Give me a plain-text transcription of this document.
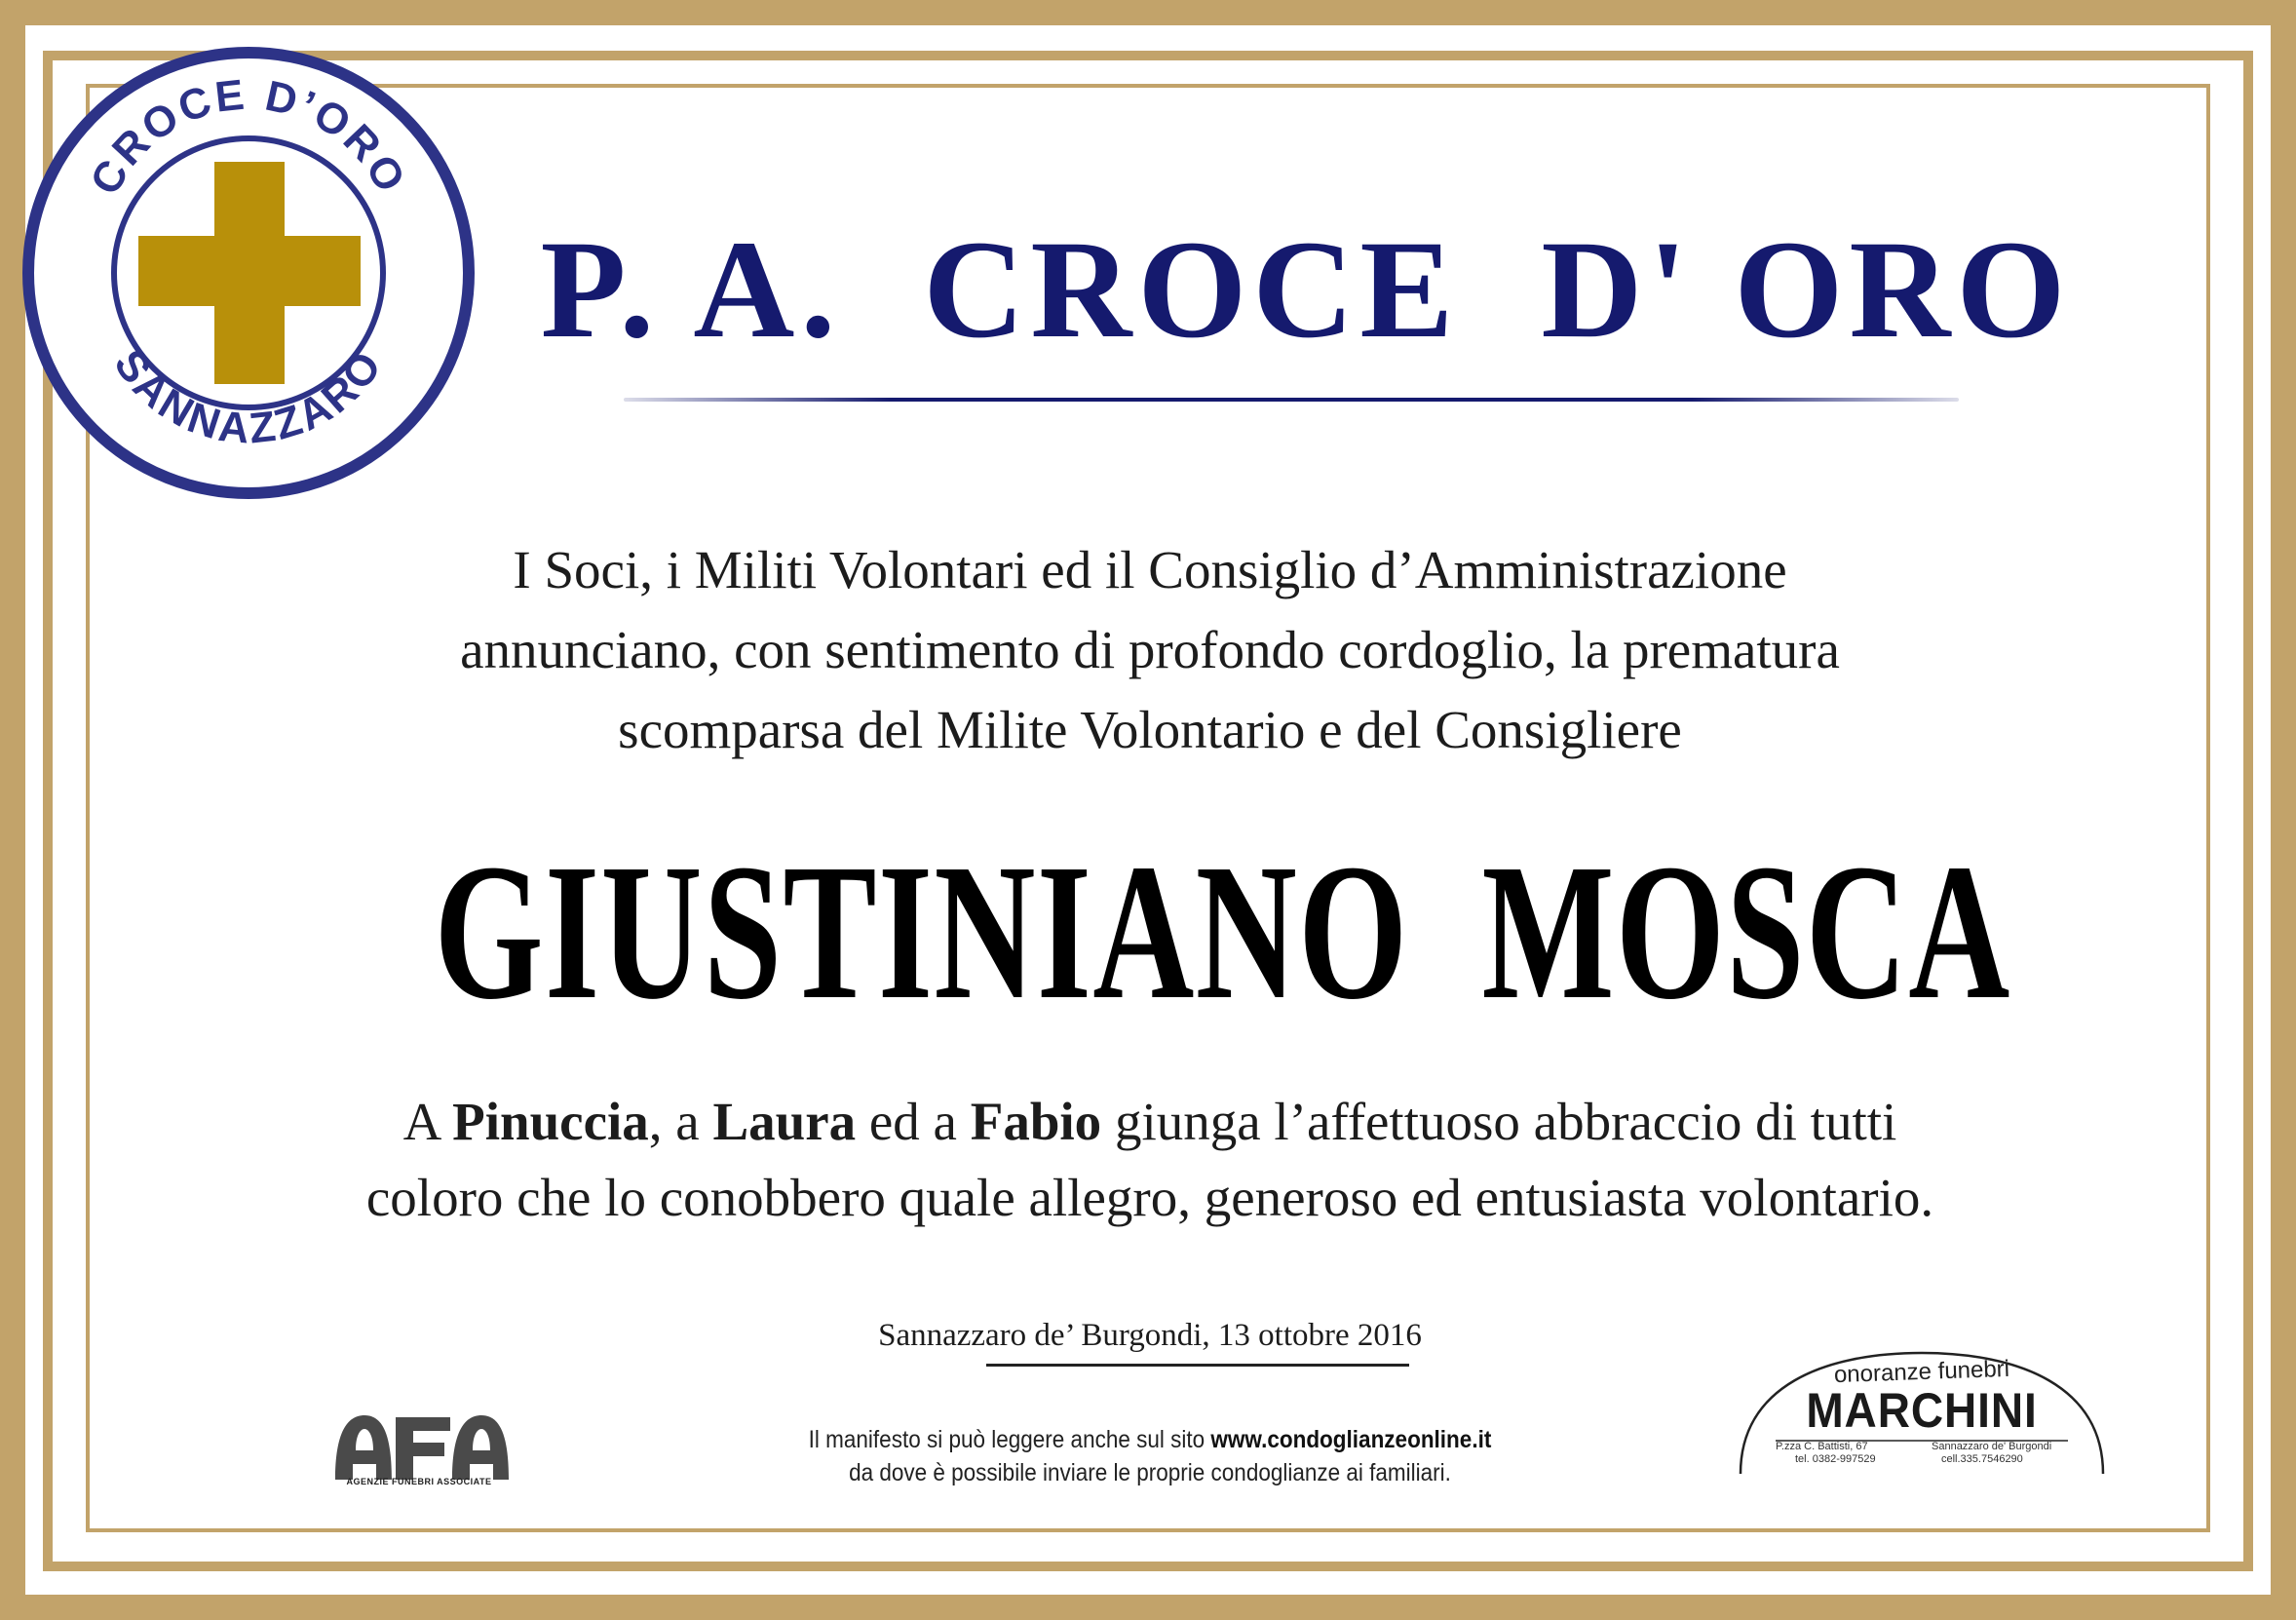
CROCE D’ORO
SANNAZZARO
P. A.  CROCE  D' ORO
I Soci, i Militi Volontari ed il Consiglio d’Amministrazione
annunciano, con sentimento di profondo cordoglio, la prematura
scomparsa del Milite Volontario e del Consigliere
GIUSTINIANO  MOSCA
A Pinuccia, a Laura ed a Fabio giunga l’affettuoso abbraccio di tutti
coloro che lo conobbero quale allegro, generoso ed entusiasta volontario.
Sannazzaro de’ Burgondi, 13 ottobre 2016
AFA
AGENZIE FUNEBRI ASSOCIATE
Il manifesto si può leggere anche sul sito www.condoglianzeonline.it
da dove è possibile inviare le proprie condoglianze ai familiari.
onoranze funebri
MARCHINI
P.zza C. Battisti, 67	Sannazzaro de' Burgondi
tel. 0382-997529	cell.335.7546290
